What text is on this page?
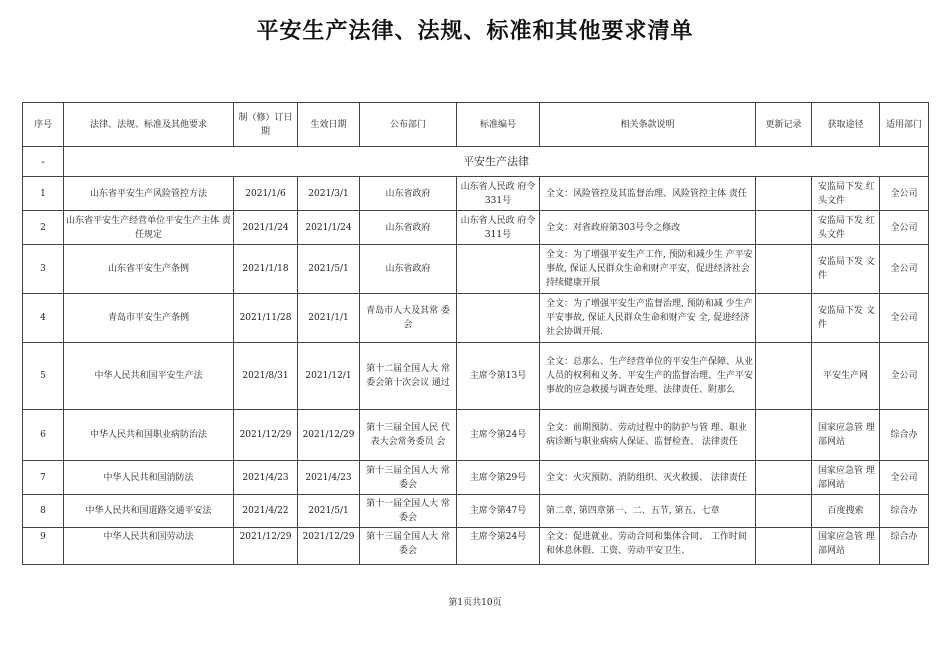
平安生产法律、法规、标准和其他要求清单
序号	法律、法规、标准及其他要求	制（修）订日期	生效日期	公布部门	标准编号	相关条款说明	更新记录	获取途径	适用部门
-	平安生产法律								
1	山东省平安生产风险管控方法	2021/1/6	2021/3/1	山东省政府	山东省人民政 府令331号	全文：风险管控及其监督治理、风险管控主体 责任		安监局下发 红头文件	全公司
2	山东省平安生产经营单位平安生产主体 责任规定	2021/1/24	2021/1/24	山东省政府	山东省人民政 府令311号	全文：对省政府第303号令之修改		安监局下发 红头文件	全公司
3	山东省平安生产条例	2021/1/18	2021/5/1	山东省政府		全文：为了增强平安生产工作, 预防和减少生 产平安事故, 保证人民群众生命和财产平安，促进经济社会持续健康开展		安监局下发 文件	全公司
4	青岛市平安生产条例	2021/11/28	2021/1/1	青岛市人大及其常 委会		全文：为了增强平安生产监督治理, 预防和减 少生产平安事故, 保证人民群众生命和财产安 全, 促进经济社会协调开展.		安监局下发 文件	全公司
5	中华人民共和国平安生产法	2021/8/31	2021/12/1	第十二届全国人大 常委会第十次会议 通过	主席令第13号	全文：总那么、生产经营单位的平安生产保障、从业人员的权利和义务、平安生产的监督治理、生产平安事故的应急救援与调查处理、法律责任、附那么		平安生产网	全公司
6	中华人民共和国职业病防治法	2021/12/29	2021/12/29	第十三届全国人民 代表大会常务委员 会	主席令第24号	全文：前期预防、劳动过程中的防护与管 理、职业病诊断与职业病病人保证、监督检查、 法律责任		国家应急管 理部网站	综合办
7	中华人民共和国消防法	2021/4/23	2021/4/23	第十三届全国人大 常委会	主席令第29号	全文：火灾预防、消防组织、灭火救援、 法律责任		国家应急管 理部网站	全公司
8	中华人民共和国道路交通平安法	2021/4/22	2021/5/1	第十一届全国人大 常委会	主席令第47号	第二章, 第四章第一、二、五节, 第五、七章		百度搜索	综合办
9	中华人民共和国劳动法	2021/12/29	2021/12/29	第十三届全国人大 常委会	主席令第24号	全文：促进就业、劳动合同和集体合同、 工作时间和休息休假、工资、劳动平安卫生、		国家应急管 理部网站	综合办
第1页共10页
